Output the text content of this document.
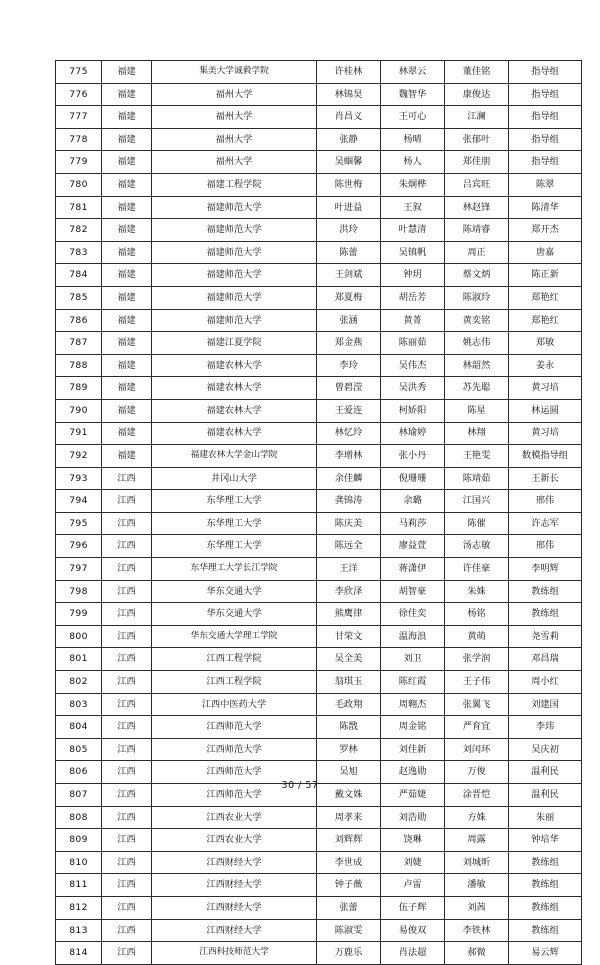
775	福建	集美大学诚毅学院	许桂林	林翠云	董佳铭	指导组
776	福建	福州大学	林锦昊	魏智华	康俊达	指导组
777	福建	福州大学	肖昌义	王可心	江澜	指导组
778	福建	福州大学	张静	杨晴	张郁叶	指导组
779	福建	福州大学	吴蝈馨	杨人	郑佳朋	指导组
780	福建	福建工程学院	陈世梅	朱炯桦	吕宾旺	陈翠
781	福建	福建师范大学	叶进益	王叙	林赵锋	陈清华
782	福建	福建师范大学	洪玲	叶慧清	陈靖睿	郑开杰
783	福建	福建师范大学	陈蕾	吴镇帆	周正	唐嘉
784	福建	福建师范大学	王剑斌	钟玥	蔡文炳	陈正新
785	福建	福建师范大学	郑夏梅	胡岳芳	陈淑玲	郑艳红
786	福建	福建师范大学	张涵	黄菁	黄奕铭	郑艳红
787	福建	福建江夏学院	郑金燕	陈丽茹	姚志伟	郑敏
788	福建	福建农林大学	李玲	吴伟杰	林韶然	姜永
789	福建	福建农林大学	曾碧滢	吴洪秀	苏先聪	黄习培
790	福建	福建农林大学	王爱连	柯娇阳	陈星	林运圆
791	福建	福建农林大学	林忆玲	林瑜婷	林翔	黄习培
792	福建	福建农林大学金山学院	李增林	张小丹	王艳雯	数模指导组
793	江西	井冈山大学	余佳麟	倪珊珊	陈靖茹	王新长
794	江西	东华理工大学	龚锦涛	余璐	江国兴	邢伟
795	江西	东华理工大学	陈庆美	马莉莎	陈催	许志军
796	江西	东华理工大学	陈远全	廖益萱	汤志敏	邢伟
797	江西	东华理工大学长江学院	王洋	蒋潇伊	许佳豪	李明辉
798	江西	华东交通大学	李欣泽	胡智豪	朱姝	教练组
799	江西	华东交通大学	熊鹰律	徐佳奕	杨铭	教练组
800	江西	华东交通大学理工学院	甘荣文	温海浪	黄萌	尧雪莉
801	江西	江西工程学院	吴全美	刘卫	张学润	邓昌瑞
802	江西	江西工程学院	翁琪玉	陈红霞	王子伟	周小红
803	江西	江西中医药大学	毛政翔	周翱杰	张翼飞	刘建国
804	江西	江西师范大学	陈戬	周金铭	严育宜	李玮
805	江西	江西师范大学	罗林	刘佳新	刘闰环	吴庆初
806	江西	江西师范大学	吴旭	赵逸勋	万俊	温利民
807	江西	江西师范大学	戴文姝	严茹婕	涂晋恺	温利民
808	江西	江西农业大学	周孝来	刘浩勋	方姝	朱丽
809	江西	江西农业大学	刘辉辉	饶琳	周露	钟培华
810	江西	江西财经大学	李世成	刘婕	刘城昕	教练组
811	江西	江西财经大学	钟子薇	卢雷	潘敏	教练组
812	江西	江西财经大学	张蕾	伍子辉	刘茜	教练组
813	江西	江西财经大学	陈淑雯	易俊双	李铁林	教练组
814	江西	江西科技师范大学	万鹿乐	肖法超	郝微	易云辉
30 / 57
